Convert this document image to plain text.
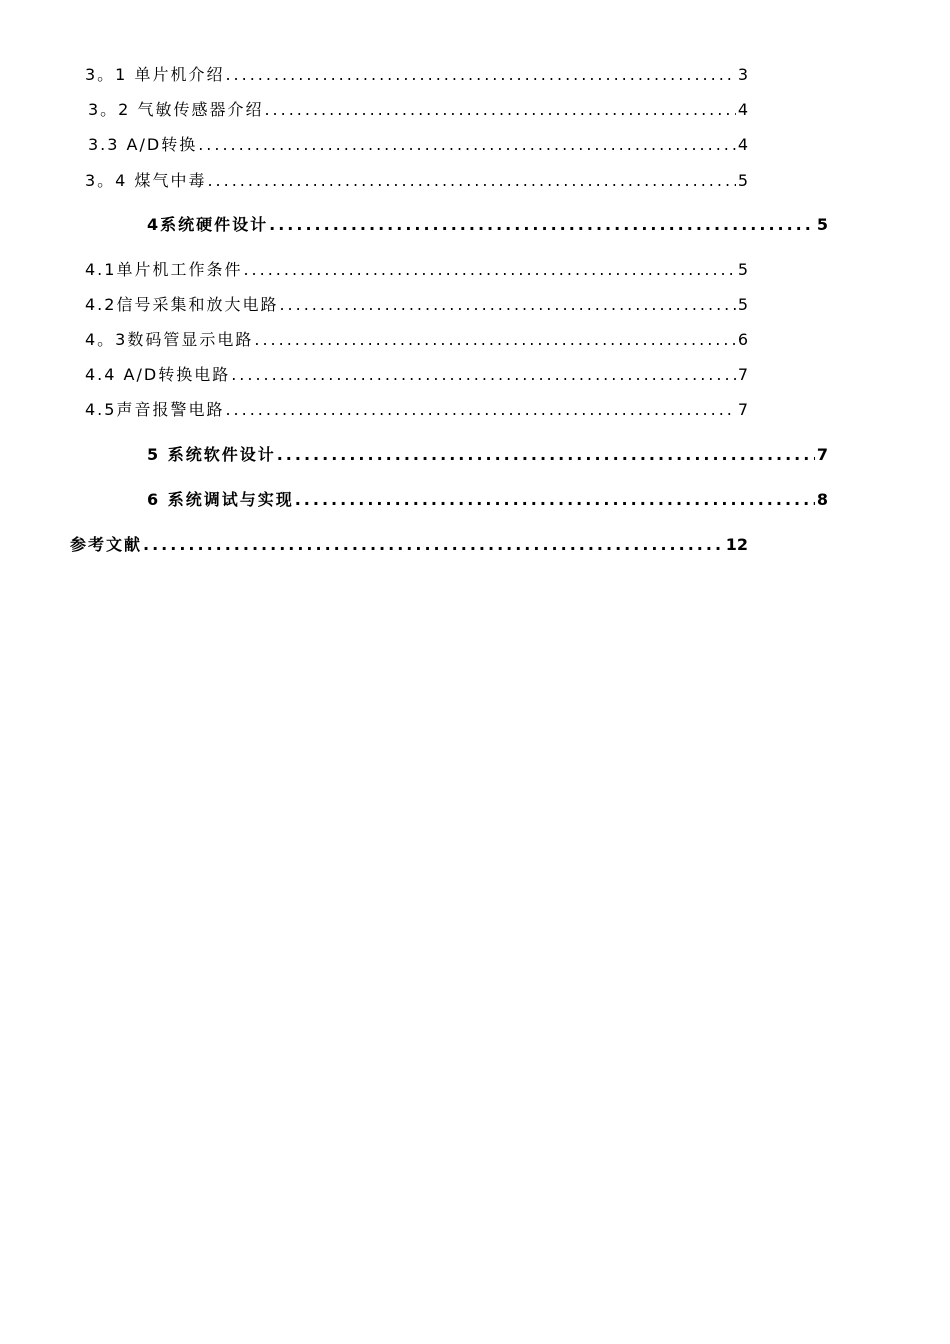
3。1 单片机介绍 .....	3
3。2 气敏传感器介绍 .....	4
3.3 A/D转换 .....	4
3。4 煤气中毒 .....	5
4系统硬件设计 .....	5
4.1单片机工作条件 .....	5
4.2信号采集和放大电路 .....	5
4。3数码管显示电路 .....	6
4.4 A/D转换电路 .....	7
4.5声音报警电路 .....	7
5 系统软件设计 .....	7
6 系统调试与实现 .....	8
参考文献 .....	12
